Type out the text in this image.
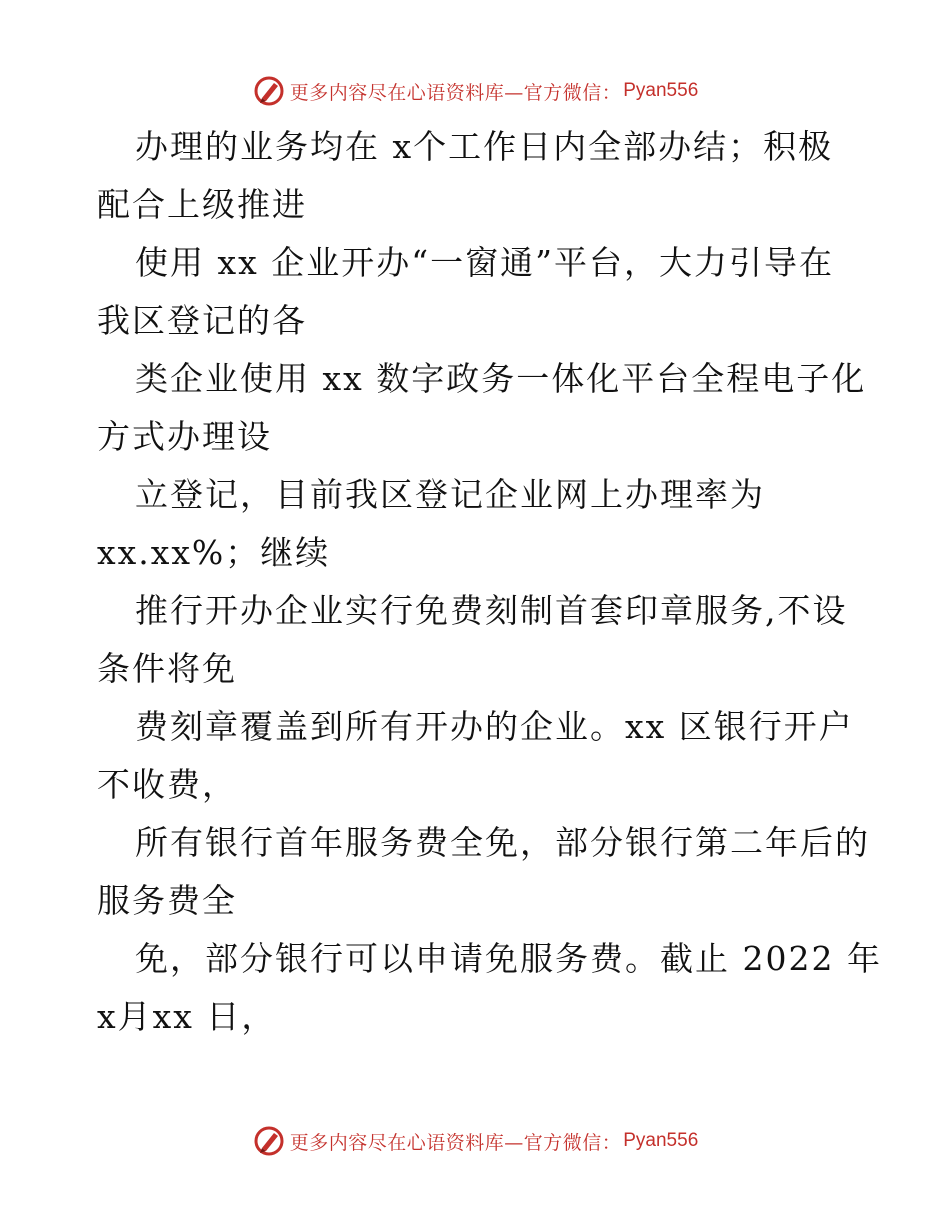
更多内容尽在心语资料库—官方微信： Pyan556
办理的业务均在 x个工作日内全部办结；积极
配合上级推进
使用 xx 企业开办“一窗通”平台，大力引导在
我区登记的各
类企业使用 xx 数字政务一体化平台全程电子化
方式办理设
立登记，目前我区登记企业网上办理率为
xx.xx%；继续
推行开办企业实行免费刻制首套印章服务,不设
条件将免
费刻章覆盖到所有开办的企业。xx 区银行开户
不收费，
所有银行首年服务费全免，部分银行第二年后的
服务费全
免，部分银行可以申请免服务费。截止 2022 年
x月xx 日，
更多内容尽在心语资料库—官方微信： Pyan556
